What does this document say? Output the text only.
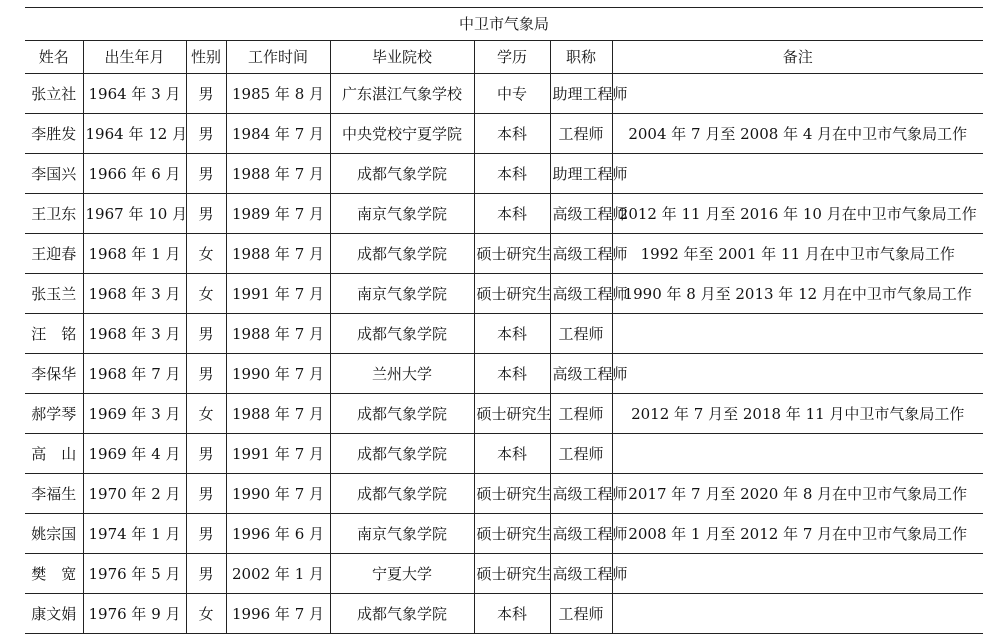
中卫市气象局							
姓名	出生年月	性别	工作时间	毕业院校	学历	职称	备注
张立社	1964 年 3 月	男	1985 年 8 月	广东湛江气象学校	中专	助理工程师	
李胜发	1964 年 12 月	男	1984 年 7 月	中央党校宁夏学院	本科	工程师	2004 年 7 月至 2008 年 4 月在中卫市气象局工作
李国兴	1966 年 6 月	男	1988 年 7 月	成都气象学院	本科	助理工程师	
王卫东	1967 年 10 月	男	1989 年 7 月	南京气象学院	本科	高级工程师	2012 年 11 月至 2016 年 10 月在中卫市气象局工作
王迎春	1968 年 1 月	女	1988 年 7 月	成都气象学院	硕士研究生	高级工程师	1992 年至 2001 年 11 月在中卫市气象局工作
张玉兰	1968 年 3 月	女	1991 年 7 月	南京气象学院	硕士研究生	高级工程师	1990 年 8 月至 2013 年 12 月在中卫市气象局工作
汪　铭	1968 年 3 月	男	1988 年 7 月	成都气象学院	本科	工程师	
李保华	1968 年 7 月	男	1990 年 7 月	兰州大学	本科	高级工程师	
郝学琴	1969 年 3 月	女	1988 年 7 月	成都气象学院	硕士研究生	工程师	2012 年 7 月至 2018 年 11 月中卫市气象局工作
高　山	1969 年 4 月	男	1991 年 7 月	成都气象学院	本科	工程师	
李福生	1970 年 2 月	男	1990 年 7 月	成都气象学院	硕士研究生	高级工程师	2017 年 7 月至 2020 年 8 月在中卫市气象局工作
姚宗国	1974 年 1 月	男	1996 年 6 月	南京气象学院	硕士研究生	高级工程师	2008 年 1 月至 2012 年 7 月在中卫市气象局工作
樊　宽	1976 年 5 月	男	2002 年 1 月	宁夏大学	硕士研究生	高级工程师	
康文娟	1976 年 9 月	女	1996 年 7 月	成都气象学院	本科	工程师	
